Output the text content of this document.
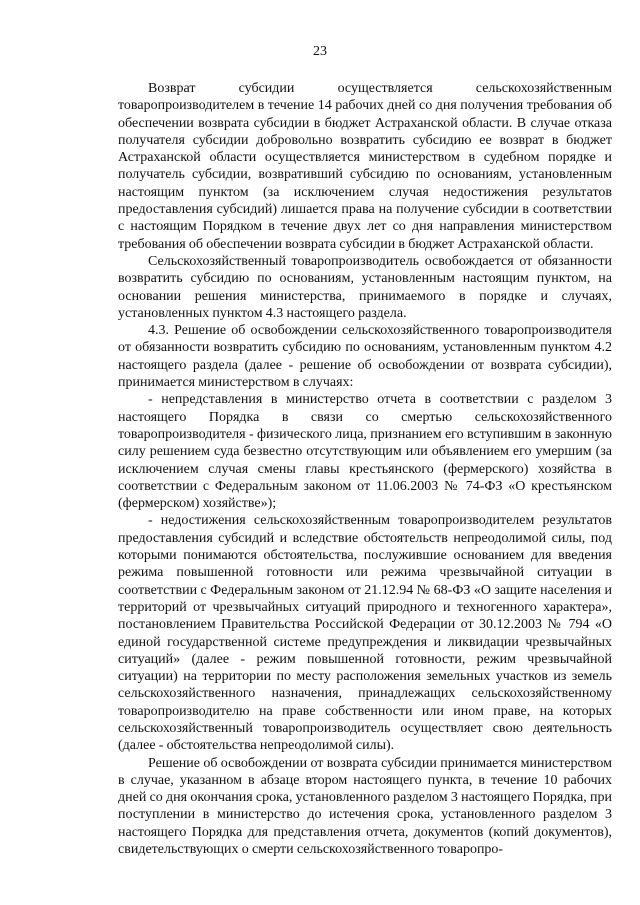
23

Возврат субсидии осуществляется сельскохозяйственным товаропроизводителем в течение 14 рабочих дней со дня получения требования об обеспечении возврата субсидии в бюджет Астраханской области. В случае отказа получателя субсидии добровольно возвратить субсидию ее возврат в бюджет Астраханской области осуществляется министерством в судебном порядке и получатель субсидии, возвративший субсидию по основаниям, установленным настоящим пунктом (за исключением случая недостижения результатов предоставления субсидий) лишается права на получение субсидии в соответствии с настоящим Порядком в течение двух лет со дня направления министерством требования об обеспечении возврата субсидии в бюджет Астраханской области.

Сельскохозяйственный товаропроизводитель освобождается от обязанности возвратить субсидию по основаниям, установленным настоящим пунктом, на основании решения министерства, принимаемого в порядке и случаях, установленных пунктом 4.3 настоящего раздела.

4.3. Решение об освобождении сельскохозяйственного товаропроизводителя от обязанности возвратить субсидию по основаниям, установленным пунктом 4.2 настоящего раздела (далее - решение об освобождении от возврата субсидии), принимается министерством в случаях:

- непредставления в министерство отчета в соответствии с разделом 3 настоящего Порядка в связи со смертью сельскохозяйственного товаропроизводителя - физического лица, признанием его вступившим в законную силу решением суда безвестно отсутствующим или объявлением его умершим (за исключением случая смены главы крестьянского (фермерского) хозяйства в соответствии с Федеральным законом от 11.06.2003 № 74-ФЗ «О крестьянском (фермерском) хозяйстве»);

- недостижения сельскохозяйственным товаропроизводителем результатов предоставления субсидий и вследствие обстоятельств непреодолимой силы, под которыми понимаются обстоятельства, послужившие основанием для введения режима повышенной готовности или режима чрезвычайной ситуации в соответствии с Федеральным законом от 21.12.94 № 68-ФЗ «О защите населения и территорий от чрезвычайных ситуаций природного и техногенного характера», постановлением Правительства Российской Федерации от 30.12.2003 № 794 «О единой государственной системе предупреждения и ликвидации чрезвычайных ситуаций» (далее - режим повышенной готовности, режим чрезвычайной ситуации) на территории по месту расположения земельных участков из земель сельскохозяйственного назначения, принадлежащих сельскохозяйственному товаропроизводителю на праве собственности или ином праве, на которых сельскохозяйственный товаропроизводитель осуществляет свою деятельность (далее - обстоятельства непреодолимой силы).

Решение об освобождении от возврата субсидии принимается министерством в случае, указанном в абзаце втором настоящего пункта, в течение 10 рабочих дней со дня окончания срока, установленного разделом 3 настоящего Порядка, при поступлении в министерство до истечения срока, установленного разделом 3 настоящего Порядка для представления отчета, документов (копий документов), свидетельствующих о смерти сельскохозяйственного товаропро-
